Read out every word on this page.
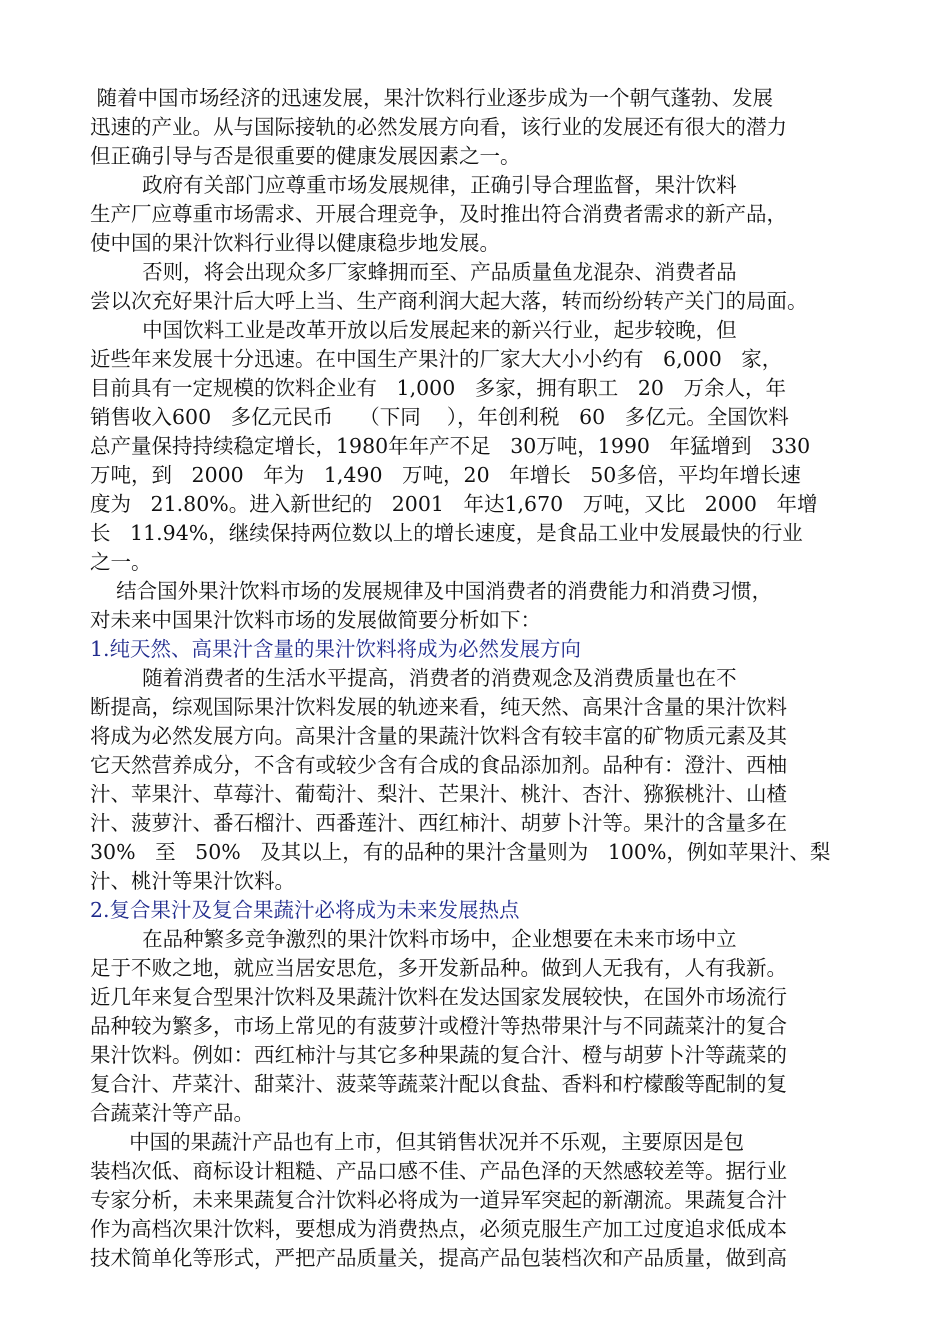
随着中国市场经济的迅速发展，果汁饮料行业逐步成为一个朝气蓬勃、发展
迅速的产业。从与国际接轨的必然发展方向看，该行业的发展还有很大的潜力
但正确引导与否是很重要的健康发展因素之一。
政府有关部门应尊重市场发展规律，正确引导合理监督，果汁饮料
生产厂应尊重市场需求、开展合理竞争，及时推出符合消费者需求的新产品，
使中国的果汁饮料行业得以健康稳步地发展。
否则，将会出现众多厂家蜂拥而至、产品质量鱼龙混杂、消费者品
尝以次充好果汁后大呼上当、生产商利润大起大落，转而纷纷转产关门的局面。
中国饮料工业是改革开放以后发展起来的新兴行业，起步较晚，但
近些年来发展十分迅速。在中国生产果汁的厂家大大小小约有   6,000   家，
目前具有一定规模的饮料企业有   1,000   多家，拥有职工   20   万余人，年
销售收入600   多亿元民币    （下同    ），年创利税   60   多亿元。全国饮料
总产量保持持续稳定增长，1980年年产不足   30万吨，1990   年猛增到   330
万吨，到   2000   年为   1,490   万吨，20   年增长   50多倍，平均年增长速
度为   21.80%。进入新世纪的   2001   年达1,670   万吨，又比   2000   年增
长   11.94%，继续保持两位数以上的增长速度，是食品工业中发展最快的行业
之一。
结合国外果汁饮料市场的发展规律及中国消费者的消费能力和消费习惯，
对未来中国果汁饮料市场的发展做简要分析如下：
1.纯天然、高果汁含量的果汁饮料将成为必然发展方向
随着消费者的生活水平提高，消费者的消费观念及消费质量也在不
断提高，综观国际果汁饮料发展的轨迹来看，纯天然、高果汁含量的果汁饮料
将成为必然发展方向。高果汁含量的果蔬汁饮料含有较丰富的矿物质元素及其
它天然营养成分，不含有或较少含有合成的食品添加剂。品种有：澄汁、西柚
汁、苹果汁、草莓汁、葡萄汁、梨汁、芒果汁、桃汁、杏汁、猕猴桃汁、山楂
汁、菠萝汁、番石榴汁、西番莲汁、西红柿汁、胡萝卜汁等。果汁的含量多在
30%   至   50%   及其以上，有的品种的果汁含量则为   100%，例如苹果汁、梨
汁、桃汁等果汁饮料。
2.复合果汁及复合果蔬汁必将成为未来发展热点
在品种繁多竞争激烈的果汁饮料市场中，企业想要在未来市场中立
足于不败之地，就应当居安思危，多开发新品种。做到人无我有，人有我新。
近几年来复合型果汁饮料及果蔬汁饮料在发达国家发展较快，在国外市场流行
品种较为繁多，市场上常见的有菠萝汁或橙汁等热带果汁与不同蔬菜汁的复合
果汁饮料。例如：西红柿汁与其它多种果蔬的复合汁、橙与胡萝卜汁等蔬菜的
复合汁、芹菜汁、甜菜汁、菠菜等蔬菜汁配以食盐、香料和柠檬酸等配制的复
合蔬菜汁等产品。
中国的果蔬汁产品也有上市，但其销售状况并不乐观，主要原因是包
装档次低、商标设计粗糙、产品口感不佳、产品色泽的天然感较差等。据行业
专家分析，未来果蔬复合汁饮料必将成为一道异军突起的新潮流。果蔬复合汁
作为高档次果汁饮料，要想成为消费热点，必须克服生产加工过度追求低成本
技术简单化等形式，严把产品质量关，提高产品包装档次和产品质量，做到高
